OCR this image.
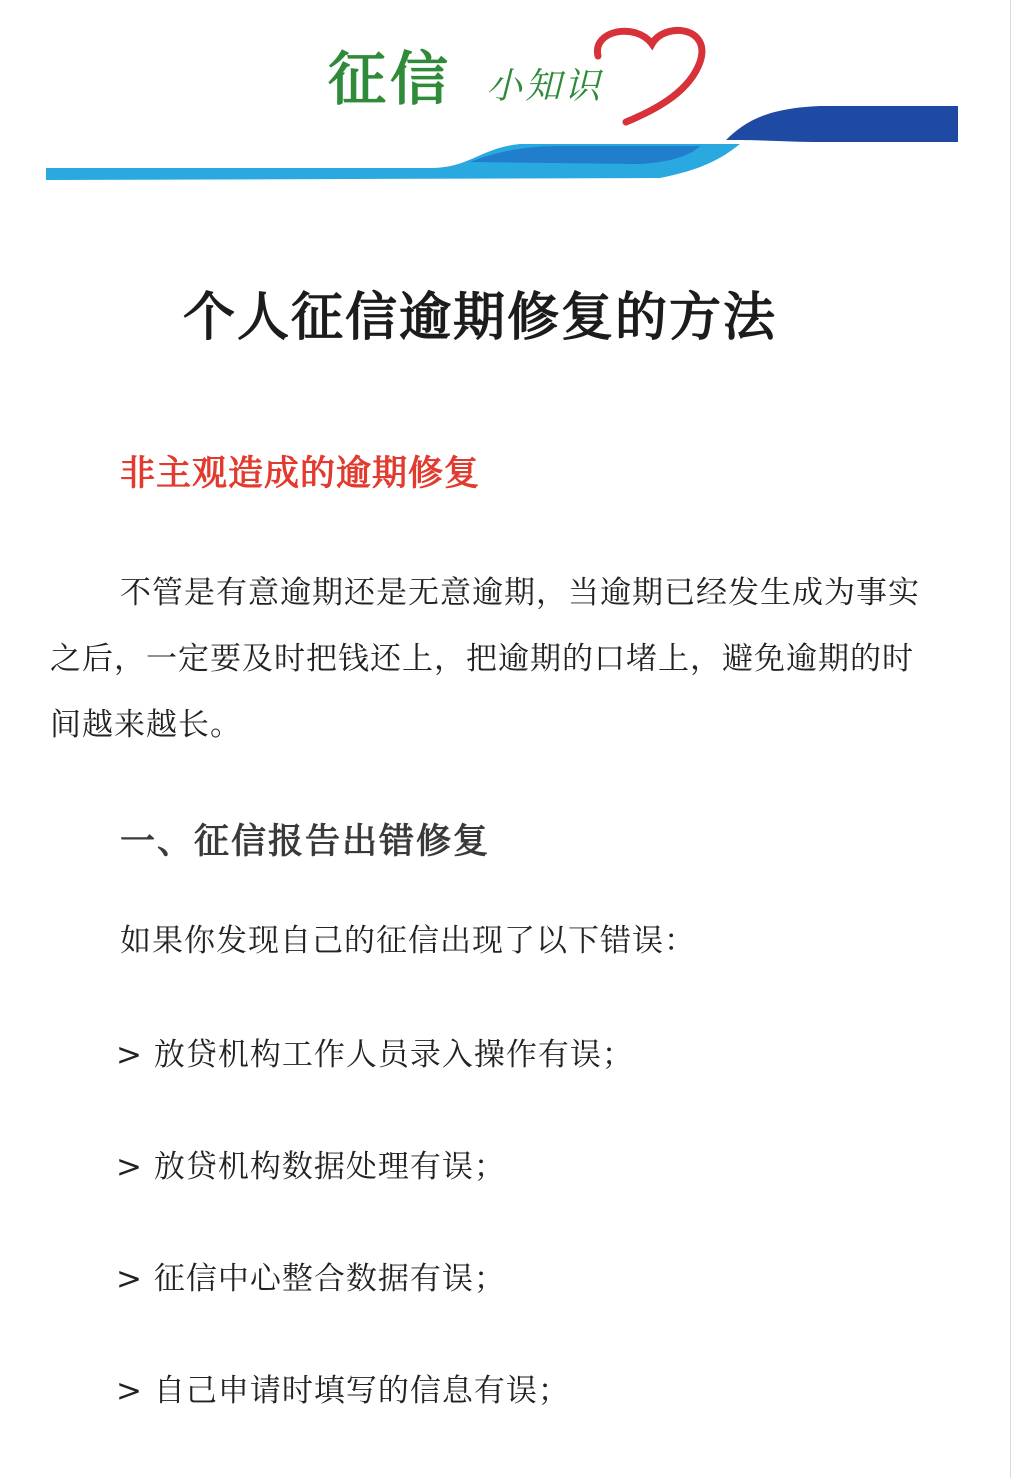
征信 小知识
个人征信逾期修复的方法
非主观造成的逾期修复

不管是有意逾期还是无意逾期，当逾期已经发生成为事实之后，一定要及时把钱还上，把逾期的口堵上，避免逾期的时间越来越长。

一、征信报告出错修复
如果你发现自己的征信出现了以下错误：
> 放贷机构工作人员录入操作有误；
> 放贷机构数据处理有误；
> 征信中心整合数据有误；
> 自己申请时填写的信息有误；
